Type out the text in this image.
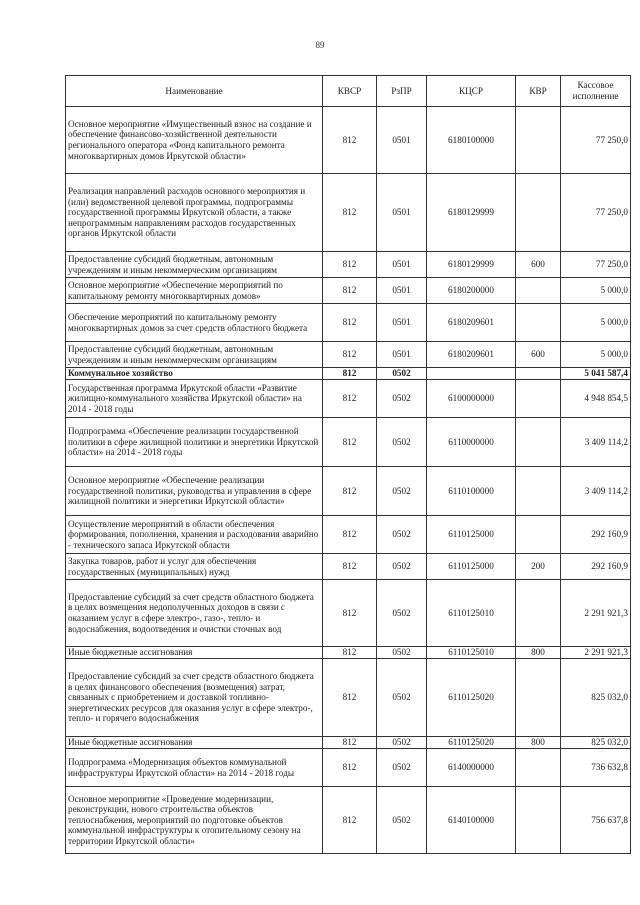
89
Наименование	КВСР	РзПР	КЦСР	КВР	Кассовое исполнение
Основное мероприятие «Имущественный взнос на создание и обеспечение финансово-хозяйственной деятельности регионального оператора «Фонд капитального ремонта многоквартирных домов Иркутской области»	812	0501	6180100000		77 250,0
Реализация направлений расходов основного мероприятия и (или) ведомственной целевой программы, подпрограммы государственной программы Иркутской области, а также непрограммным направлениям расходов государственных органов Иркутской области	812	0501	6180129999		77 250,0
Предоставление субсидий бюджетным, автономным учреждениям и иным некоммерческим организациям	812	0501	6180129999	600	77 250,0
Основное мероприятие «Обеспечение мероприятий по капитальному ремонту многоквартирных домов»	812	0501	6180200000		5 000,0
Обеспечение мероприятий по капитальному ремонту многоквартирных домов за счет средств областного бюджета	812	0501	6180209601		5 000,0
Предоставление субсидий бюджетным, автономным учреждениям и иным некоммерческим организациям	812	0501	6180209601	600	5 000,0
Коммунальное хозяйство	812	0502			5 041 587,4
Государственная программа Иркутской области «Развитие жилищно-коммунального хозяйства Иркутской области» на 2014 - 2018 годы	812	0502	6100000000		4 948 854,5
Подпрограмма «Обеспечение реализации государственной политики в сфере жилищной политики и энергетики Иркутской области» на 2014 - 2018 годы	812	0502	6110000000		3 409 114,2
Основное мероприятие «Обеспечение реализации государственной политики, руководства и управления в сфере жилищной политики и энергетики Иркутской области»	812	0502	6110100000		3 409 114,2
Осуществление мероприятий в области обеспечения формирования, пополнения, хранения и расходования аварийно - технического запаса Иркутской области	812	0502	6110125000		292 160,9
Закупка товаров, работ и услуг для обеспечения государственных (муниципальных) нужд	812	0502	6110125000	200	292 160,9
Предоставление субсидий за счет средств областного бюджета в целях возмещения недополученных доходов в связи с оказанием услуг в сфере электро-, газо-, тепло- и водоснабжения, водоотведения и очистки сточных вод	812	0502	6110125010		2 291 921,3
Иные бюджетные ассигнования	812	0502	6110125010	800	2 291 921,3
Предоставление субсидий за счет средств областного бюджета в целях финансового обеспечения (возмещения) затрат, связанных с приобретением и доставкой топливно-энергетических ресурсов для оказания услуг в сфере электро-, тепло- и горячего водоснабжения	812	0502	6110125020		825 032,0
Иные бюджетные ассигнования	812	0502	6110125020	800	825 032,0
Подпрограмма «Модернизация объектов коммунальной инфраструктуры Иркутской области» на 2014 - 2018 годы	812	0502	6140000000		736 632,8
Основное мероприятие «Проведение модернизации, реконструкции, нового строительства объектов теплоснабжения, мероприятий по подготовке объектов коммунальной инфраструктуры к отопительному сезону на территории Иркутской области»	812	0502	6140100000		756 637,8
